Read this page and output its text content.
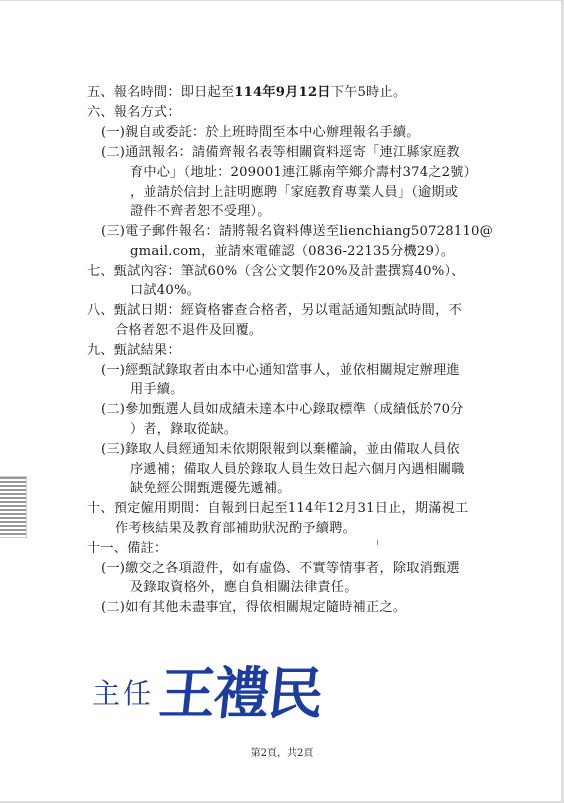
五、報名時間：即日起至114年9月12日下午5時止。
六、報名方式：
(一)親自或委託：於上班時間至本中心辦理報名手續。
(二)通訊報名：請備齊報名表等相關資料逕寄「連江縣家庭教
育中心」（地址：209001連江縣南竿鄉介壽村374之2號）
，並請於信封上註明應聘「家庭教育專業人員」（逾期或
證件不齊者恕不受理）。
(三)電子郵件報名：請將報名資料傳送至lienchiang50728110@
gmail.com，並請來電確認（0836-22135分機29）。
七、甄試內容：筆試60%（含公文製作20%及計畫撰寫40%）、
口試40%。
八、甄試日期：經資格審查合格者，另以電話通知甄試時間，不
合格者恕不退件及回覆。
九、甄試結果：
(一)經甄試錄取者由本中心通知當事人，並依相關規定辦理進
用手續。
(二)參加甄選人員如成績未達本中心錄取標準（成績低於70分
）者，錄取從缺。
(三)錄取人員經通知未依期限報到以棄權論，並由備取人員依
序遞補；備取人員於錄取人員生效日起六個月內遇相關職
缺免經公開甄選優先遞補。
十、預定僱用期間：自報到日起至114年12月31日止，期滿視工
作考核結果及教育部補助狀況酌予續聘。
十一、備註：
(一)繳交之各項證件，如有虛偽、不實等情事者，除取消甄選
及錄取資格外，應自負相關法律責任。
(二)如有其他未盡事宜，得依相關規定隨時補正之。
主任 王禮民
第2頁，共2頁
